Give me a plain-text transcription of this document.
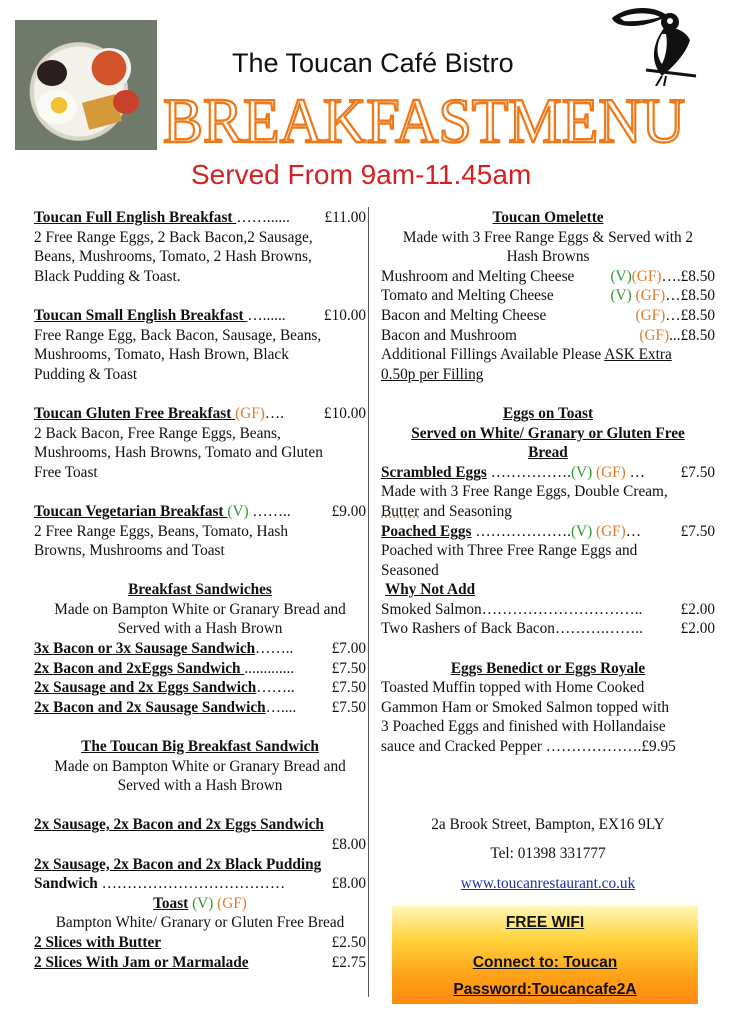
The Toucan Café Bistro
BREAKFASTMENU
Served From 9am-11.45am
Toucan Full English Breakfast ……...... £11.00

2 Free Range Eggs, 2 Back Bacon,2 Sausage,

Beans, Mushrooms, Tomato, 2 Hash Browns,

Black Pudding & Toast.

Toucan Small English Breakfast …......	£10.00

Free Range Egg, Back Bacon, Sausage, Beans,

Mushrooms, Tomato, Hash Brown, Black

Pudding & Toast

Toucan Gluten Free Breakfast (GF)….	£10.00

2 Back Bacon, Free Range Eggs, Beans,

Mushrooms, Hash Browns, Tomato and Gluten

Free Toast

Toucan Vegetarian Breakfast (V) ……..	£9.00

2 Free Range Eggs, Beans, Tomato, Hash

Browns, Mushrooms and Toast

Breakfast Sandwiches

Made on Bampton White or Granary Bread and

Served with a Hash Brown

3x Bacon or 3x Sausage Sandwich…….. £7.00
2x Bacon and 2xEggs Sandwich ............. £7.50
2x Sausage and 2x Eggs Sandwich…….. £7.50
2x Bacon and 2x Sausage Sandwich….... £7.50

The Toucan Big Breakfast Sandwich

Made on Bampton White or Granary Bread and

Served with a Hash Brown

2x Sausage, 2x Bacon and 2x Eggs Sandwich

£8.00

2x Sausage, 2x Bacon and 2x Black Pudding

Sandwich ………………………………	£8.00

Toast (V) (GF)

Bampton White/ Granary or Gluten Free Bread

2 Slices with Butter	£2.50
2 Slices With Jam or Marmalade	£2.75

Toucan Omelette

Made with 3 Free Range Eggs & Served with 2

Hash Browns

Mushroom and Melting Cheese (V)(GF)….£8.50
Tomato and Melting Cheese	(V) (GF)…£8.50
Bacon and Melting Cheese	(GF)…£8.50
Bacon and Mushroom	(GF)...£8.50

Additional Fillings Available Please ASK Extra

0.50p per Filling

Eggs on Toast

Served on White/ Granary or Gluten Free

Bread

Scrambled Eggs …………….(V) (GF) … £7.50

Made with 3 Free Range Eggs, Double Cream,

Butter and Seasoning

Poached Eggs ……………….(V) (GF)…	£7.50

Poached with Three Free Range Eggs and

Seasoned

Why Not Add

Smoked Salmon………………………….. £2.00
Two Rashers of Back Bacon……….…….. £2.00

Eggs Benedict or Eggs Royale

Toasted Muffin topped with Home Cooked

Gammon Ham or Smoked Salmon topped with

3 Poached Eggs and finished with Hollandaise

sauce and Cracked Pepper ……………….£9.95

2a Brook Street, Bampton, EX16 9LY

Tel: 01398 331777

www.toucanrestaurant.co.uk

FREE WIFI
Connect to: Toucan
Password:Toucancafe2A
